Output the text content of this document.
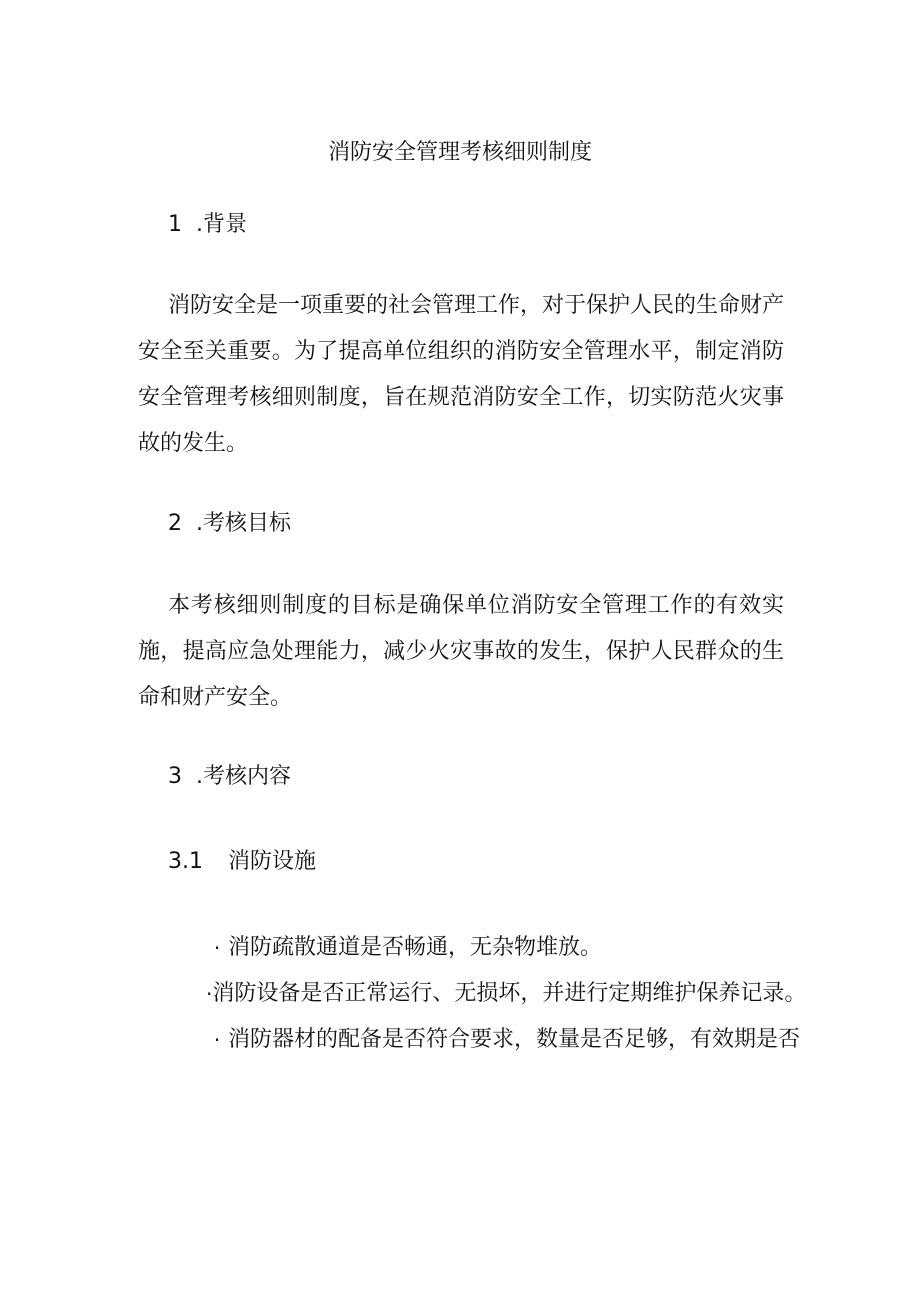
消防安全管理考核细则制度
1 .背景

消防安全是一项重要的社会管理工作，对于保护人民的生命财产安全至关重要。为了提高单位组织的消防安全管理水平，制定消防安全管理考核细则制度，旨在规范消防安全工作，切实防范火灾事故的发生。

2 .考核目标

本考核细则制度的目标是确保单位消防安全管理工作的有效实施，提高应急处理能力，减少火灾事故的发生，保护人民群众的生命和财产安全。

3 .考核内容
3.1 消防设施
· 消防疏散通道是否畅通，无杂物堆放。
· 消防设备是否正常运行、无损坏，并进行定期维护保养记录。
· 消防器材的配备是否符合要求，数量是否足够，有效期是否
